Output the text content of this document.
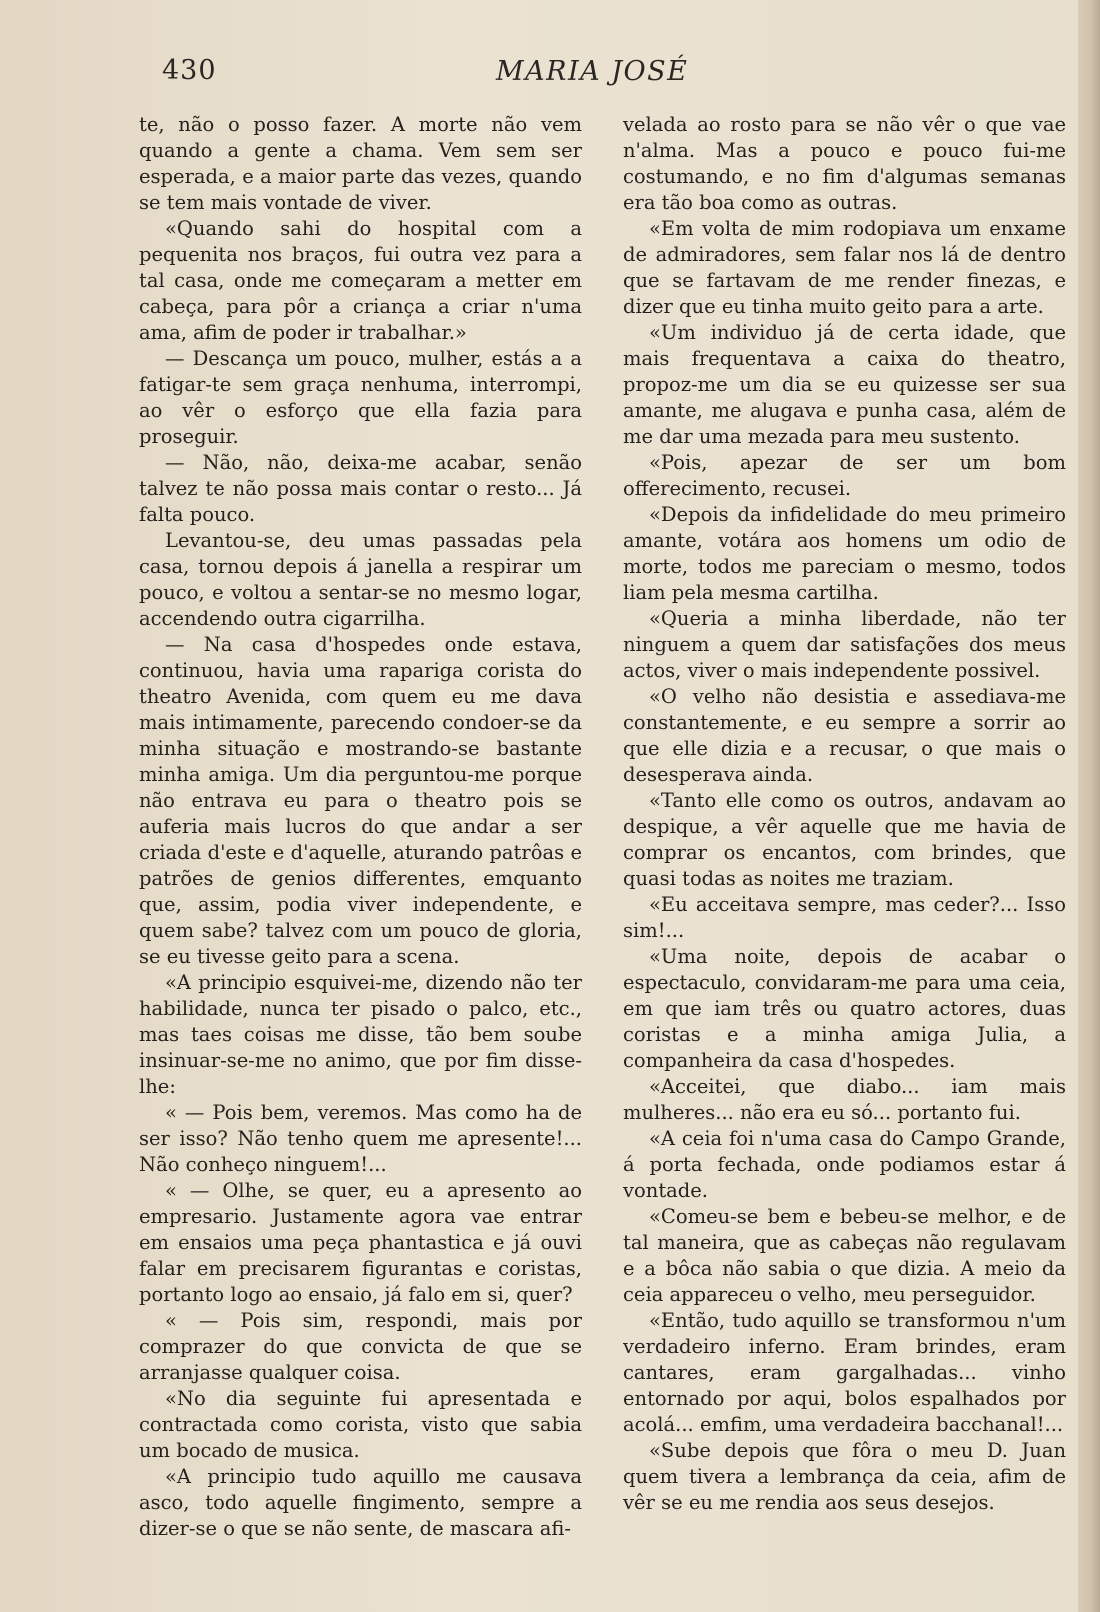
430	MARIA JOSÉ

te, não o posso fazer. A morte não vem quando a gente a chama. Vem sem ser esperada, e a maior parte das vezes, quando se tem mais vontade de viver.

«Quando sahi do hospital com a pequenita nos braços, fui outra vez para a tal casa, onde me começaram a metter em cabeça, para pôr a criança a criar n'uma ama, afim de poder ir trabalhar.»

— Descança um pouco, mulher, estás a a fatigar-te sem graça nenhuma, interrompi, ao vêr o esforço que ella fazia para proseguir.

— Não, não, deixa-me acabar, senão talvez te não possa mais contar o resto... Já falta pouco.

Levantou-se, deu umas passadas pela casa, tornou depois á janella a respirar um pouco, e voltou a sentar-se no mesmo logar, accendendo outra cigarrilha.

— Na casa d'hospedes onde estava, continuou, havia uma rapariga corista do theatro Avenida, com quem eu me dava mais intimamente, parecendo condoer-se da minha situação e mostrando-se bastante minha amiga. Um dia perguntou-me porque não entrava eu para o theatro pois se auferia mais lucros do que andar a ser criada d'este e d'aquelle, aturando patrôas e patrões de genios differentes, emquanto que, assim, podia viver independente, e quem sabe? talvez com um pouco de gloria, se eu tivesse geito para a scena.

«A principio esquivei-me, dizendo não ter habilidade, nunca ter pisado o palco, etc., mas taes coisas me disse, tão bem soube insinuar-se-me no animo, que por fim disse-lhe:

« — Pois bem, veremos. Mas como ha de ser isso? Não tenho quem me apresente!... Não conheço ninguem!...

« — Olhe, se quer, eu a apresento ao empresario. Justamente agora vae entrar em ensaios uma peça phantastica e já ouvi falar em precisarem figurantas e coristas, portanto logo ao ensaio, já falo em si, quer?

« — Pois sim, respondi, mais por comprazer do que convicta de que se arranjasse qualquer coisa.

«No dia seguinte fui apresentada e contractada como corista, visto que sabia um bocado de musica.

«A principio tudo aquillo me causava asco, todo aquelle fingimento, sempre a dizer-se o que se não sente, de mascara afi-

velada ao rosto para se não vêr o que vae n'alma. Mas a pouco e pouco fui-me costumando, e no fim d'algumas semanas era tão boa como as outras.

«Em volta de mim rodopiava um enxame de admiradores, sem falar nos lá de dentro que se fartavam de me render finezas, e dizer que eu tinha muito geito para a arte.

«Um individuo já de certa idade, que mais frequentava a caixa do theatro, propoz-me um dia se eu quizesse ser sua amante, me alugava e punha casa, além de me dar uma mezada para meu sustento.

«Pois, apezar de ser um bom offerecimento, recusei.

«Depois da infidelidade do meu primeiro amante, votára aos homens um odio de morte, todos me pareciam o mesmo, todos liam pela mesma cartilha.

«Queria a minha liberdade, não ter ninguem a quem dar satisfações dos meus actos, viver o mais independente possivel.

«O velho não desistia e assediava-me constantemente, e eu sempre a sorrir ao que elle dizia e a recusar, o que mais o desesperava ainda.

«Tanto elle como os outros, andavam ao despique, a vêr aquelle que me havia de comprar os encantos, com brindes, que quasi todas as noites me traziam.

«Eu acceitava sempre, mas ceder?... Isso sim!...

«Uma noite, depois de acabar o espectaculo, convidaram-me para uma ceia, em que iam três ou quatro actores, duas coristas e a minha amiga Julia, a companheira da casa d'hospedes.

«Acceitei, que diabo... iam mais mulheres... não era eu só... portanto fui.

«A ceia foi n'uma casa do Campo Grande, á porta fechada, onde podiamos estar á vontade.

«Comeu-se bem e bebeu-se melhor, e de tal maneira, que as cabeças não regulavam e a bôca não sabia o que dizia. A meio da ceia appareceu o velho, meu perseguidor.

«Então, tudo aquillo se transformou n'um verdadeiro inferno. Eram brindes, eram cantares, eram gargalhadas... vinho entornado por aqui, bolos espalhados por acolá... emfim, uma verdadeira bacchanal!...

«Sube depois que fôra o meu D. Juan quem tivera a lembrança da ceia, afim de vêr se eu me rendia aos seus desejos.
